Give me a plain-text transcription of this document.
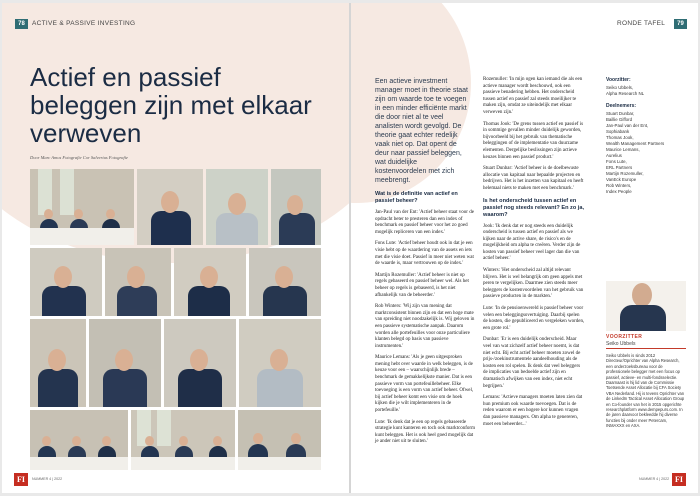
78	ACTIVE & PASSIVE INVESTING
Actief en passief beleggen zijn met elkaar verweven
Door Marc Amos Fotografie Cor Salverius Fotografie
FI	NUMMER 4 | 2022
RONDE TAFEL	79

Een actieve investment manager moet in theorie staat zijn om waarde toe te voegen in een minder efficiënte markt die door niet al te veel analisten wordt gevolgd. De theorie gaat echter redelijk vaak niet op. Dat opent de deur naar passief beleggen, wat duidelijke kostenvoordelen met zich meebrengt.

Wat is de definitie van actief en passief beheer?

Jan-Paul van der Ent: 'Actief beheer staat voor de opdracht beter te presteren dan een index of benchmark en passief beheer voor het zo goed mogelijk repliceren van een index.'

Fons Lute: 'Actief beheer houdt ook in dat je een visie hebt op de waardering van de assets en iets met die visie doet. Passief in meer niet weten wat de waarde is, maar vertrouwen op de index.'

Martijn Rozemuller: 'Actief beheer is niet op regels gebaseerd en passief beheer wel. Als het beheer op regels is gebaseerd, is het niet afhankelijk van de beheerder.'

Rob Winters: 'Wij zijn van mening dat marktconsistent binnen zijn en dat een hoge mate van spreiding niet noodzakelijk is. Wij geloven in een passieve systematische aanpak. Daarom worden alle portefeuilles voor onze particuliere klanten belegd op basis van passieve instrumenten.'

Maurice Lemans: 'Als je geen uitgesproken mening hebt over waarde in welk beleggen, is de keuze voor een – waarschijnlijk brede – benchmark de gemakkelijkste manier. Dat is een passieve vorm van portefeuillebeheer. Elke toevoeging is een vorm van actief beheer. Ofwel, bij actief beheer komt een visie om de hoek kijken die je wilt implementeren in de portefeuille.'

Lute: 'Ik denk dat je een op regels gebaseerde strategie kunt kanteren en toch ook marktconform kunt beleggen. Het is ook heel goed mogelijk dat je ander niet uit te sluiten.'

Rozemuller: 'In mijn ogen kan iemand die als een actieve manager wordt beschouwd, ook een passieve benadering hebben. Het onderscheid tussen actief en passief zal steeds moeilijker te maken zijn, omdat ze uiteindelijk met elkaar verweven zijn.'

Thomas Jook: 'De grens tussen actief en passief is in sommige gevallen minder duidelijk geworden, bijvoorbeeld bij het gebruik van thematische beleggingen of de implementatie van duurzame elementen. Dergelijke beslissingen zijn actieve keuzes binnen een passief product.'

Stuart Dunbar: 'Actief beheer is de doelbewuste allocatie van kapitaal naar bepaalde projecten en bedrijven. Het is het inzetten van kapitaal en heeft helemaal niets te maken met een benchmark.'

Is het onderscheid tussen actief en passief nog steeds relevant? En zo ja, waarom?

Jook: 'Ik denk dat er nog steeds een duidelijk onderscheid is tussen actief en passief als we kijken naar de active share, de risico's en de mogelijkheid om alpha te creëren. Verder zijn de kosten van passief beheer veel lager dan die van actief beheer.'

Winters: 'Het onderscheid zal altijd relevant blijven. Het is wel belangrijk om geen appels met peren te vergelijken. Daarmee zien steeds meer beleggers de kostenvoordelen van het gebruik van passieve producten in de markten.'

Lute: 'In de pensioenwereld is passief beheer voor velen een beleggingsovertuiging. Daarbij spelen de kosten, die gepubliceerd en vergeleken worden, een grote rol.'

Dunbar: 'Er is een duidelijk onderscheid. Maar veel van wat zichzelf actief beheer noemt, is dat niet echt. Bij echt actief beheer moeten zowel de prijs-/zoekinstrumentele aandeelhouding als de kosten een rol spelen. Ik denk dat veel beleggers de implicaties van bedoelde actief zijn en dramatisch afwijken van een index, niet echt begrijpen.'

Lemans: 'Actieve managers moeten laten zien dat hun premium ook waarde toevoegen. Dat is de reden waarom er een hogere kor kunnen vragen dan passieve managers. Om alpha te genereren, moet een beheerder...'

Voorzitter:

Seiko Ubbels,
Alpha Research NL

Deelnemers:
Stuart Dunbar,
Baillie Gifford
Jan-Paul van der Ent,
Sophiabank
Thomas Jook,
Wealth Management Partners
Maurice Lemans,
Aurelius
Fons Lute,
ERL Partners
Martijn Rozemuller,
VanEck Europe
Rob Winters,
Index People
VOORZITTER
Seiko Ubbels

Seiko Ubbels is sinds 2012 Directeur/Oprichter van Alpha Research, een onderzoeksbureau voor de professionele belegger met een focus op passief, actieve- en multi-fondsselectie. Daarnaast is hij lid van de Commissie Toetsende Asset Allocatie bij CFA Society VBA Nederland. Hij is tevens Oprichter van de LinkedIn Tactical Asset Allocation Group en Co-founder van het in 2015 opgerichte researchplatform www.dempepurs.com. In de jaren daarvoor bekleedde hij diverse functies bij onder meer Petercam, INMAXXX en AXA.

NUMMER 4 | 2022 FI
